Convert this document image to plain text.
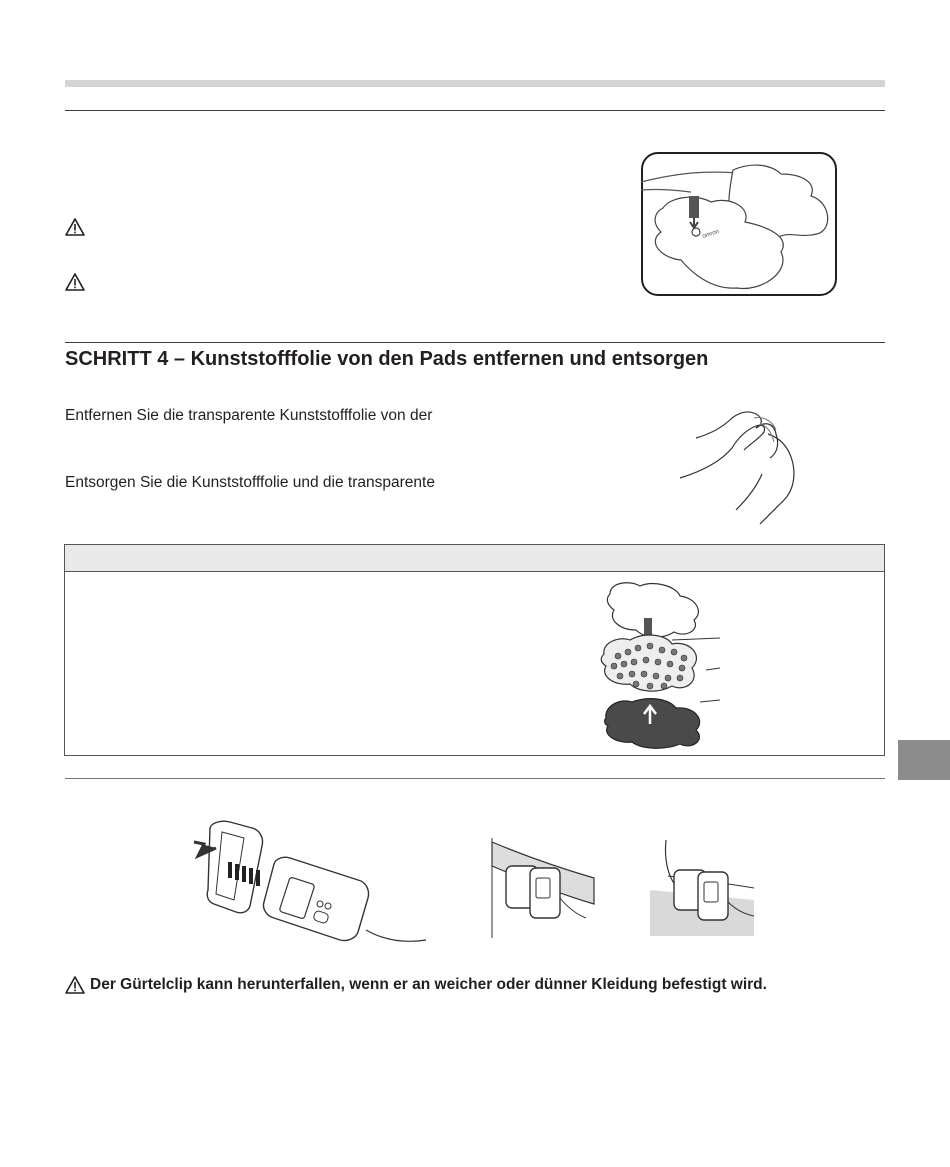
omron
SCHRITT 4 – Kunststofffolie von den Pads entfernen und entsorgen
Entfernen Sie die transparente Kunststofffolie von der
Entsorgen Sie die Kunststofffolie und die transparente
Der Gürtelclip kann herunterfallen, wenn er an weicher oder dünner Kleidung befestigt wird.
